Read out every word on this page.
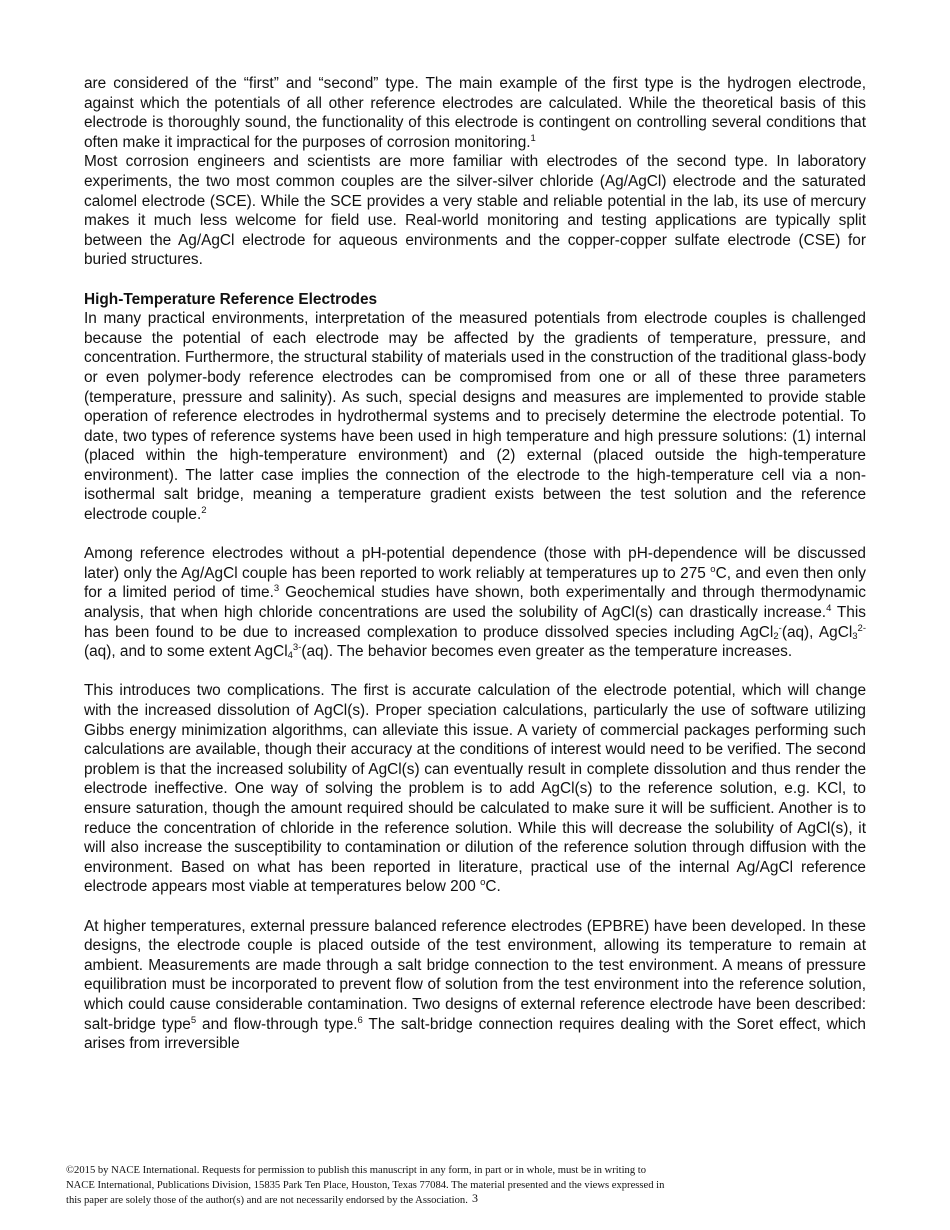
are considered of the “first” and “second” type. The main example of the first type is the hydrogen electrode, against which the potentials of all other reference electrodes are calculated. While the theoretical basis of this electrode is thoroughly sound, the functionality of this electrode is contingent on controlling several conditions that often make it impractical for the purposes of corrosion monitoring.$^1$
Most corrosion engineers and scientists are more familiar with electrodes of the second type. In laboratory experiments, the two most common couples are the silver-silver chloride (Ag/AgCl) electrode and the saturated calomel electrode (SCE). While the SCE provides a very stable and reliable potential in the lab, its use of mercury makes it much less welcome for field use. Real-world monitoring and testing applications are typically split between the Ag/AgCl electrode for aqueous environments and the copper-copper sulfate electrode (CSE) for buried structures.

High-Temperature Reference Electrodes
In many practical environments, interpretation of the measured potentials from electrode couples is challenged because the potential of each electrode may be affected by the gradients of temperature, pressure, and concentration. Furthermore, the structural stability of materials used in the construction of the traditional glass-body or even polymer-body reference electrodes can be compromised from one or all of these three parameters (temperature, pressure and salinity). As such, special designs and measures are implemented to provide stable operation of reference electrodes in hydrothermal systems and to precisely determine the electrode potential. To date, two types of reference systems have been used in high temperature and high pressure solutions: (1) internal (placed within the high-temperature environment) and (2) external (placed outside the high-temperature environment). The latter case implies the connection of the electrode to the high-temperature cell via a non-isothermal salt bridge, meaning a temperature gradient exists between the test solution and the reference electrode couple.$^2$

Among reference electrodes without a pH-potential dependence (those with pH-dependence will be discussed later) only the Ag/AgCl couple has been reported to work reliably at temperatures up to 275 $^o$C, and even then only for a limited period of time.$^3$ Geochemical studies have shown, both experimentally and through thermodynamic analysis, that when high chloride concentrations are used the solubility of AgCl(s) can drastically increase.$^4$ This has been found to be due to increased complexation to produce dissolved species including AgCl$_2$-(aq), AgCl$_3^{2-}$(aq), and to some extent AgCl$_4^{3-}$(aq). The behavior becomes even greater as the temperature increases.

This introduces two complications. The first is accurate calculation of the electrode potential, which will change with the increased dissolution of AgCl(s). Proper speciation calculations, particularly the use of software utilizing Gibbs energy minimization algorithms, can alleviate this issue. A variety of commercial packages performing such calculations are available, though their accuracy at the conditions of interest would need to be verified. The second problem is that the increased solubility of AgCl(s) can eventually result in complete dissolution and thus render the electrode ineffective. One way of solving the problem is to add AgCl(s) to the reference solution, e.g. KCl, to ensure saturation, though the amount required should be calculated to make sure it will be sufficient. Another is to reduce the concentration of chloride in the reference solution. While this will decrease the solubility of AgCl(s), it will also increase the susceptibility to contamination or dilution of the reference solution through diffusion with the environment. Based on what has been reported in literature, practical use of the internal Ag/AgCl reference electrode appears most viable at temperatures below 200 $^o$C.

At higher temperatures, external pressure balanced reference electrodes (EPBRE) have been developed. In these designs, the electrode couple is placed outside of the test environment, allowing its temperature to remain at ambient. Measurements are made through a salt bridge connection to the test environment. A means of pressure equilibration must be incorporated to prevent flow of solution from the test environment into the reference solution, which could cause considerable contamination. Two designs of external reference electrode have been described: salt-bridge type$^5$ and flow-through type.$^6$ The salt-bridge connection requires dealing with the Soret effect, which arises from irreversible

©2015 by NACE International. Requests for permission to publish this manuscript in any form, in part or in whole, must be in writing to
NACE International, Publications Division, 15835 Park Ten Place, Houston, Texas 77084. The material presented and the views expressed in
this paper are solely those of the author(s) and are not necessarily endorsed by the Association. 3
